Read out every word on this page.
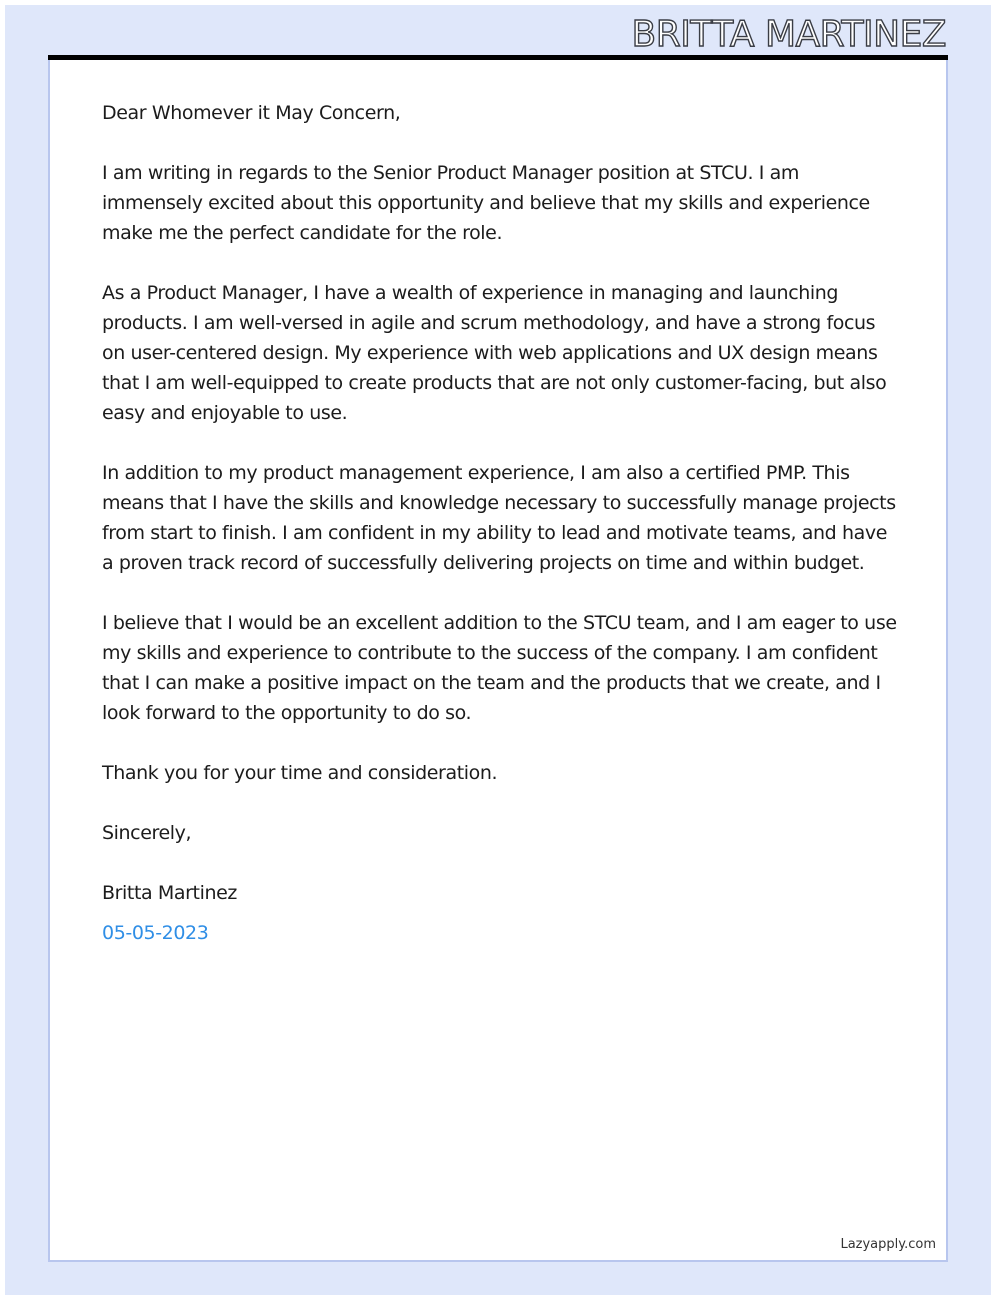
BRITTA MARTINEZ

Dear Whomever it May Concern,

I am writing in regards to the Senior Product Manager position at STCU. I am immensely excited about this opportunity and believe that my skills and experience make me the perfect candidate for the role.

As a Product Manager, I have a wealth of experience in managing and launching products. I am well-versed in agile and scrum methodology, and have a strong focus on user-centered design. My experience with web applications and UX design means that I am well-equipped to create products that are not only customer-facing, but also easy and enjoyable to use.

In addition to my product management experience, I am also a certified PMP. This means that I have the skills and knowledge necessary to successfully manage projects from start to finish. I am confident in my ability to lead and motivate teams, and have a proven track record of successfully delivering projects on time and within budget.

I believe that I would be an excellent addition to the STCU team, and I am eager to use my skills and experience to contribute to the success of the company. I am confident that I can make a positive impact on the team and the products that we create, and I look forward to the opportunity to do so.

Thank you for your time and consideration.

Sincerely,

Britta Martinez

05-05-2023

Lazyapply.com
